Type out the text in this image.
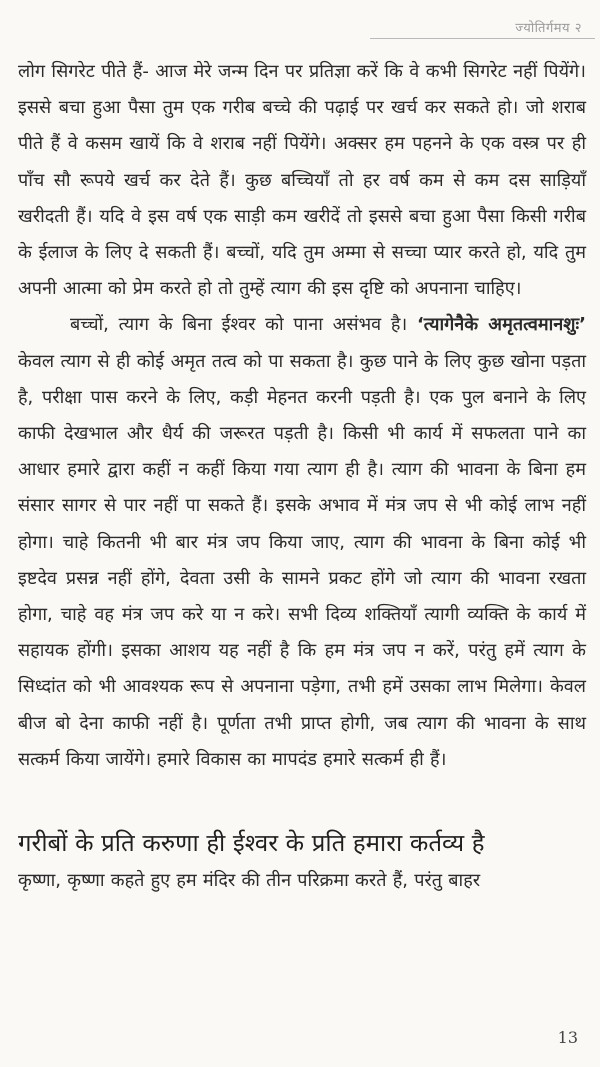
ज्योतिर्गमय २

लोग सिगरेट पीते हैं- आज मेरे जन्म दिन पर प्रतिज्ञा करें कि वे कभी सिगरेट नहीं पियेंगे। इससे बचा हुआ पैसा तुम एक गरीब बच्चे की पढ़ाई पर खर्च कर सकते हो। जो शराब पीते हैं वे कसम खायें कि वे शराब नहीं पियेंगे। अक्सर हम पहनने के एक वस्त्र पर ही पाँच सौ रूपये खर्च कर देते हैं। कुछ बच्चियाँ तो हर वर्ष कम से कम दस साड़ियाँ खरीदती हैं। यदि वे इस वर्ष एक साड़ी कम खरीदें तो इससे बचा हुआ पैसा किसी गरीब के ईलाज के लिए दे सकती हैं। बच्चों, यदि तुम अम्मा से सच्चा प्यार करते हो, यदि तुम अपनी आत्मा को प्रेम करते हो तो तुम्हें त्याग की इस दृष्टि को अपनाना चाहिए।

बच्चों, त्याग के बिना ईश्वर को पाना असंभव है। ‘त्यागेनैके अमृतत्वमानशुः’ केवल त्याग से ही कोई अमृत तत्व को पा सकता है। कुछ पाने के लिए कुछ खोना पड़ता है, परीक्षा पास करने के लिए, कड़ी मेहनत करनी पड़ती है। एक पुल बनाने के लिए काफी देखभाल और धैर्य की जरूरत पड़ती है। किसी भी कार्य में सफलता पाने का आधार हमारे द्वारा कहीं न कहीं किया गया त्याग ही है। त्याग की भावना के बिना हम संसार सागर से पार नहीं पा सकते हैं। इसके अभाव में मंत्र जप से भी कोई लाभ नहीं होगा। चाहे कितनी भी बार मंत्र जप किया जाए, त्याग की भावना के बिना कोई भी इष्टदेव प्रसन्न नहीं होंगे, देवता उसी के सामने प्रकट होंगे जो त्याग की भावना रखता होगा, चाहे वह मंत्र जप करे या न करे। सभी दिव्य शक्तियाँ त्यागी व्यक्ति के कार्य में सहायक होंगी। इसका आशय यह नहीं है कि हम मंत्र जप न करें, परंतु हमें त्याग के सिध्दांत को भी आवश्यक रूप से अपनाना पड़ेगा, तभी हमें उसका लाभ मिलेगा। केवल बीज बो देना काफी नहीं है। पूर्णता तभी प्राप्त होगी, जब त्याग की भावना के साथ सत्कर्म किया जायेंगे। हमारे विकास का मापदंड हमारे सत्कर्म ही हैं।

गरीबों के प्रति करुणा ही ईश्वर के प्रति हमारा कर्तव्य है

कृष्णा, कृष्णा कहते हुए हम मंदिर की तीन परिक्रमा करते हैं, परंतु बाहर

13
